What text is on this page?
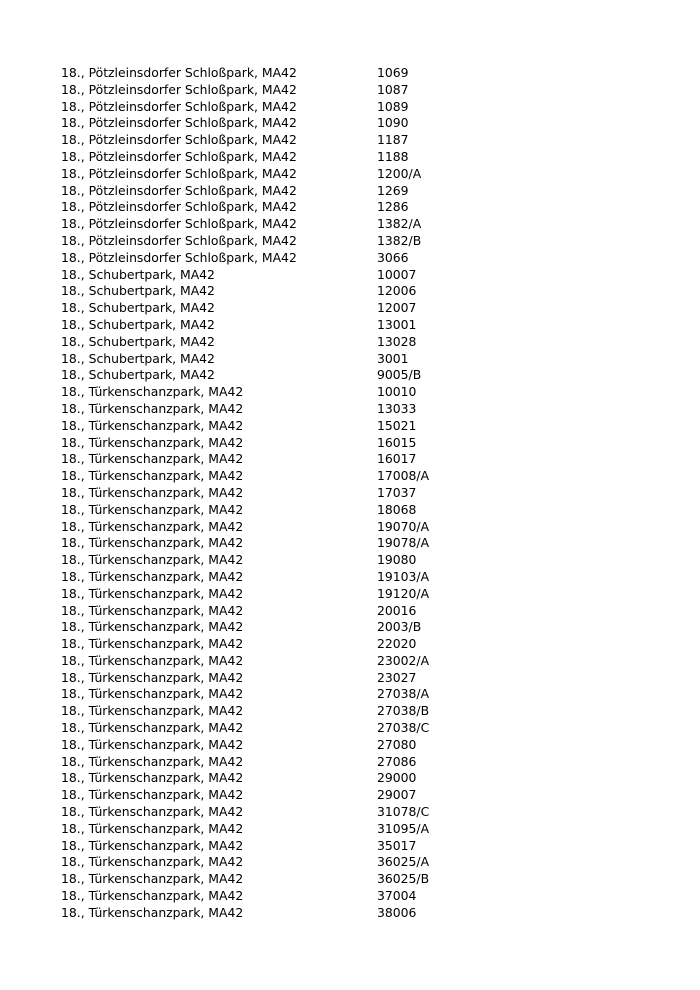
18., Pötzleinsdorfer Schloßpark, MA42	1069
18., Pötzleinsdorfer Schloßpark, MA42	1087
18., Pötzleinsdorfer Schloßpark, MA42	1089
18., Pötzleinsdorfer Schloßpark, MA42	1090
18., Pötzleinsdorfer Schloßpark, MA42	1187
18., Pötzleinsdorfer Schloßpark, MA42	1188
18., Pötzleinsdorfer Schloßpark, MA42	1200/A
18., Pötzleinsdorfer Schloßpark, MA42	1269
18., Pötzleinsdorfer Schloßpark, MA42	1286
18., Pötzleinsdorfer Schloßpark, MA42	1382/A
18., Pötzleinsdorfer Schloßpark, MA42	1382/B
18., Pötzleinsdorfer Schloßpark, MA42	3066
18., Schubertpark, MA42	10007
18., Schubertpark, MA42	12006
18., Schubertpark, MA42	12007
18., Schubertpark, MA42	13001
18., Schubertpark, MA42	13028
18., Schubertpark, MA42	3001
18., Schubertpark, MA42	9005/B
18., Türkenschanzpark, MA42	10010
18., Türkenschanzpark, MA42	13033
18., Türkenschanzpark, MA42	15021
18., Türkenschanzpark, MA42	16015
18., Türkenschanzpark, MA42	16017
18., Türkenschanzpark, MA42	17008/A
18., Türkenschanzpark, MA42	17037
18., Türkenschanzpark, MA42	18068
18., Türkenschanzpark, MA42	19070/A
18., Türkenschanzpark, MA42	19078/A
18., Türkenschanzpark, MA42	19080
18., Türkenschanzpark, MA42	19103/A
18., Türkenschanzpark, MA42	19120/A
18., Türkenschanzpark, MA42	20016
18., Türkenschanzpark, MA42	2003/B
18., Türkenschanzpark, MA42	22020
18., Türkenschanzpark, MA42	23002/A
18., Türkenschanzpark, MA42	23027
18., Türkenschanzpark, MA42	27038/A
18., Türkenschanzpark, MA42	27038/B
18., Türkenschanzpark, MA42	27038/C
18., Türkenschanzpark, MA42	27080
18., Türkenschanzpark, MA42	27086
18., Türkenschanzpark, MA42	29000
18., Türkenschanzpark, MA42	29007
18., Türkenschanzpark, MA42	31078/C
18., Türkenschanzpark, MA42	31095/A
18., Türkenschanzpark, MA42	35017
18., Türkenschanzpark, MA42	36025/A
18., Türkenschanzpark, MA42	36025/B
18., Türkenschanzpark, MA42	37004
18., Türkenschanzpark, MA42	38006
